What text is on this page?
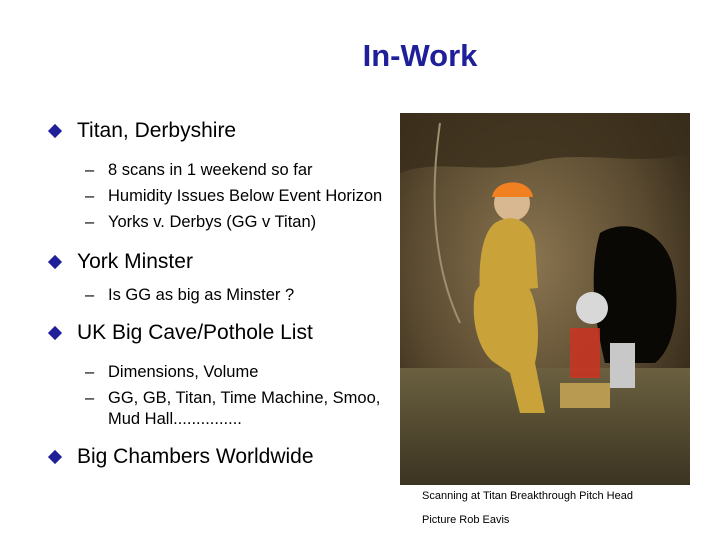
In-Work
Titan, Derbyshire
– 8 scans in 1 weekend so far
– Humidity Issues Below Event Horizon
– Yorks v. Derbys (GG v Titan)
York Minster
– Is GG as big as Minster ?
UK Big Cave/Pothole List
– Dimensions, Volume
– GG, GB, Titan, Time Machine, Smoo, Mud Hall...............
Big Chambers Worldwide
Scanning at Titan Breakthrough Pitch Head
Picture Rob Eavis
